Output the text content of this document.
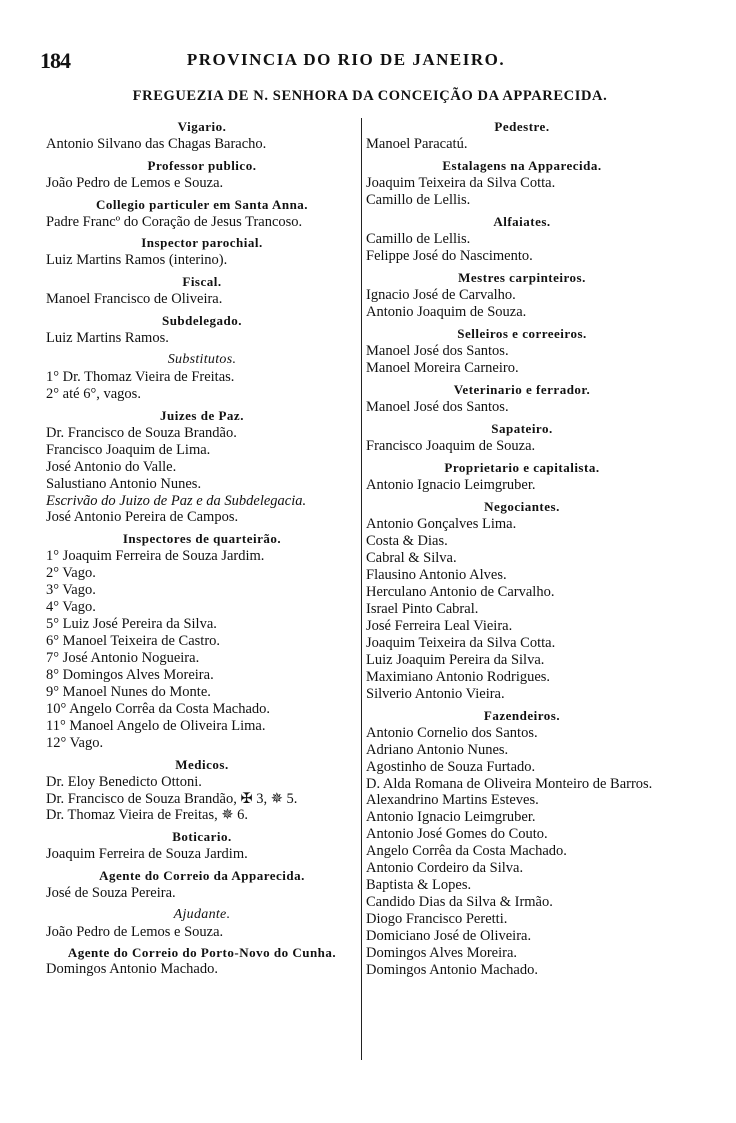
184	PROVINCIA DO RIO DE JANEIRO.
FREGUEZIA DE N. SENHORA DA CONCEIÇÃO DA APPARECIDA.
Vigario.
Antonio Silvano das Chagas Baracho.
Professor publico.
João Pedro de Lemos e Souza.
Collegio particuler em Santa Anna.
Padre Francº do Coração de Jesus Trancoso.
Inspector parochial.
Luiz Martins Ramos (interino).
Fiscal.
Manoel Francisco de Oliveira.
Subdelegado.
Luiz Martins Ramos.
Substitutos.
1° Dr. Thomaz Vieira de Freitas.
2° até 6°, vagos.
Juizes de Paz.
Dr. Francisco de Souza Brandão.
Francisco Joaquim de Lima.
José Antonio do Valle.
Salustiano Antonio Nunes.
Escrivão do Juizo de Paz e da Subdelegacia.
José Antonio Pereira de Campos.
Inspectores de quarteirão.
1° Joaquim Ferreira de Souza Jardim.
2° Vago.
3° Vago.
4° Vago.
5° Luiz José Pereira da Silva.
6° Manoel Teixeira de Castro.
7° José Antonio Nogueira.
8° Domingos Alves Moreira.
9° Manoel Nunes do Monte.
10° Angelo Corrêa da Costa Machado.
11° Manoel Angelo de Oliveira Lima.
12° Vago.
Medicos.
Dr. Eloy Benedicto Ottoni.
Dr. Francisco de Souza Brandão, ✠ 3, ✵ 5.
Dr. Thomaz Vieira de Freitas, ✵ 6.
Boticario.
Joaquim Ferreira de Souza Jardim.
Agente do Correio da Apparecida.
José de Souza Pereira.
Ajudante.
João Pedro de Lemos e Souza.
Agente do Correio do Porto-Novo do Cunha.
Domingos Antonio Machado.
Pedestre.
Manoel Paracatú.
Estalagens na Apparecida.
Joaquim Teixeira da Silva Cotta.
Camillo de Lellis.
Alfaiates.
Camillo de Lellis.
Felippe José do Nascimento.
Mestres carpinteiros.
Ignacio José de Carvalho.
Antonio Joaquim de Souza.
Selleiros e correeiros.
Manoel José dos Santos.
Manoel Moreira Carneiro.
Veterinario e ferrador.
Manoel José dos Santos.
Sapateiro.
Francisco Joaquim de Souza.
Proprietario e capitalista.
Antonio Ignacio Leimgruber.
Negociantes.
Antonio Gonçalves Lima.
Costa & Dias.
Cabral & Silva.
Flausino Antonio Alves.
Herculano Antonio de Carvalho.
Israel Pinto Cabral.
José Ferreira Leal Vieira.
Joaquim Teixeira da Silva Cotta.
Luiz Joaquim Pereira da Silva.
Maximiano Antonio Rodrigues.
Silverio Antonio Vieira.
Fazendeiros.
Antonio Cornelio dos Santos.
Adriano Antonio Nunes.
Agostinho de Souza Furtado.
D. Alda Romana de Oliveira Monteiro de Barros.
Alexandrino Martins Esteves.
Antonio Ignacio Leimgruber.
Antonio José Gomes do Couto.
Angelo Corrêa da Costa Machado.
Antonio Cordeiro da Silva.
Baptista & Lopes.
Candido Dias da Silva & Irmão.
Diogo Francisco Peretti.
Domiciano José de Oliveira.
Domingos Alves Moreira.
Domingos Antonio Machado.
